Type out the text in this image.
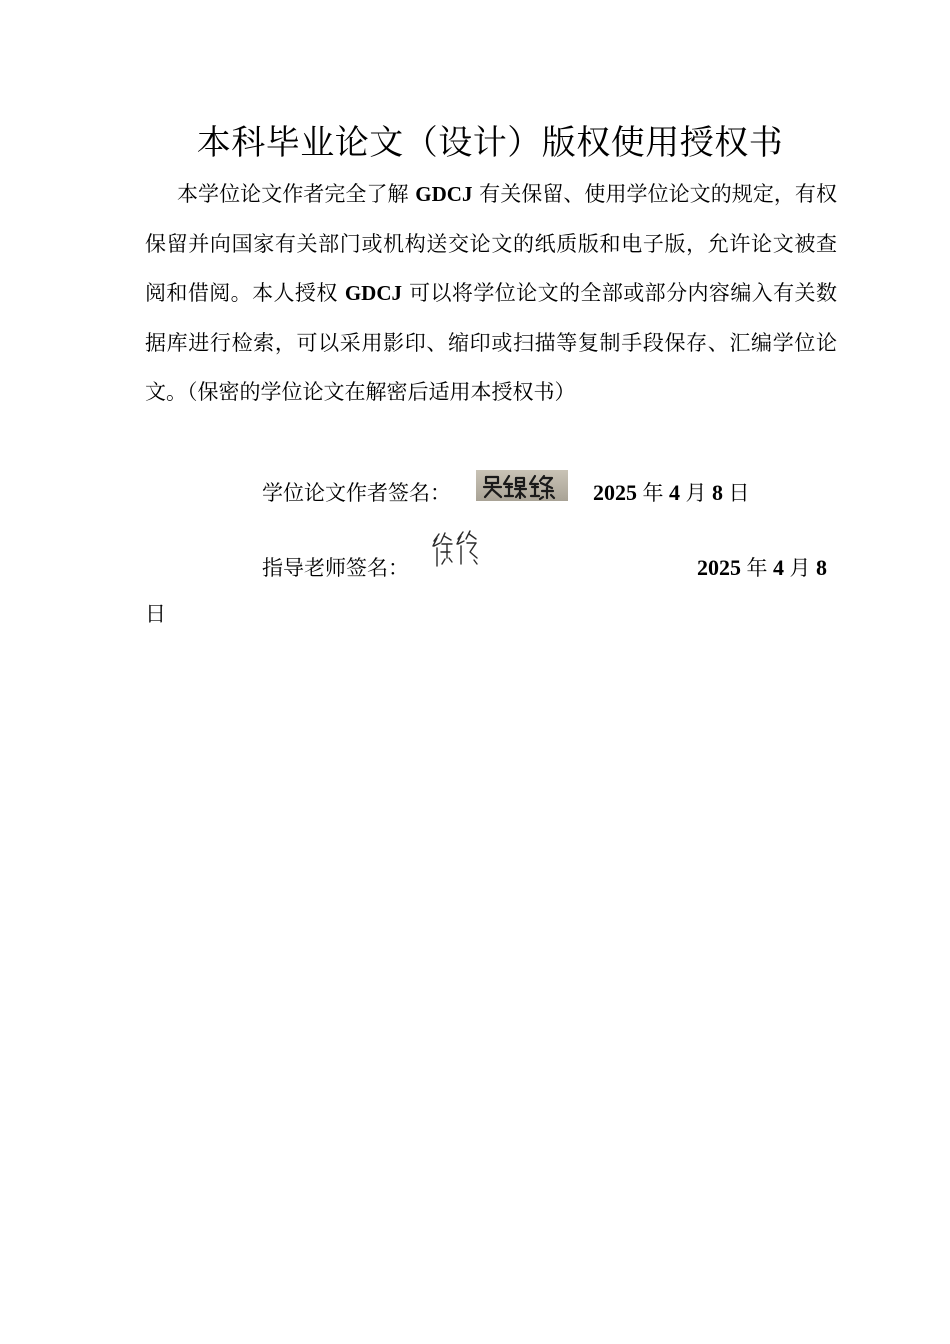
本科毕业论文（设计）版权使用授权书
本学位论文作者完全了解 GDCJ 有关保留、使用学位论文的规定，有权保留并向国家有关部门或机构送交论文的纸质版和电子版，允许论文被查阅和借阅。本人授权 GDCJ 可以将学位论文的全部或部分内容编入有关数据库进行检索，可以采用影印、缩印或扫描等复制手段保存、汇编学位论文。（保密的学位论文在解密后适用本授权书）
学位论文作者签名：	2025 年 4 月 8 日
指导老师签名：	2025 年 4 月 8
日
